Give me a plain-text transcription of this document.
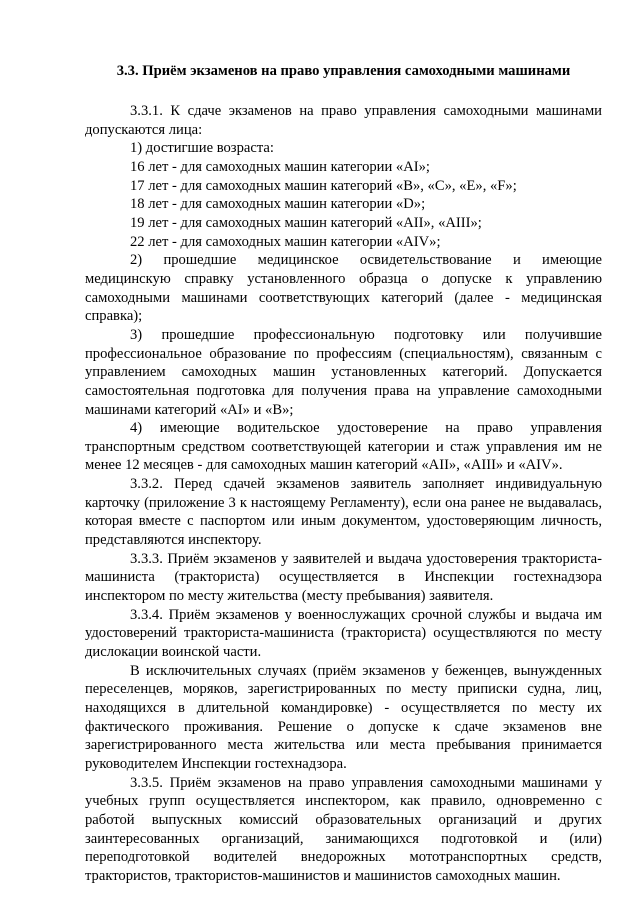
3.3. Приём экзаменов на право управления самоходными машинами

3.3.1. К сдаче экзаменов на право управления самоходными машинами допускаются лица:

1) достигшие возраста:

16 лет - для самоходных машин категории «AI»;

17 лет - для самоходных машин категорий «B», «C», «E», «F»;

18 лет - для самоходных машин категории «D»;

19 лет - для самоходных машин категорий «AII», «AIII»;

22 лет - для самоходных машин категории «AIV»;

2) прошедшие медицинское освидетельствование и имеющие медицинскую справку установленного образца о допуске к управлению самоходными машинами соответствующих категорий (далее - медицинская справка);

3) прошедшие профессиональную подготовку или получившие профессиональное образование по профессиям (специальностям), связанным с управлением самоходных машин установленных категорий. Допускается самостоятельная подготовка для получения права на управление самоходными машинами категорий «AI» и «B»;

4) имеющие водительское удостоверение на право управления транспортным средством соответствующей категории и стаж управления им не менее 12 месяцев - для самоходных машин категорий «AII», «AIII» и «AIV».

3.3.2. Перед сдачей экзаменов заявитель заполняет индивидуальную карточку (приложение 3 к настоящему Регламенту), если она ранее не выдавалась, которая вместе с паспортом или иным документом, удостоверяющим личность, представляются инспектору.

3.3.3. Приём экзаменов у заявителей и выдача удостоверения тракториста-машиниста (тракториста) осуществляется в Инспекции гостехнадзора инспектором по месту жительства (месту пребывания) заявителя.

3.3.4. Приём экзаменов у военнослужащих срочной службы и выдача им удостоверений тракториста-машиниста (тракториста) осуществляются по месту дислокации воинской части.

В исключительных случаях (приём экзаменов у беженцев, вынужденных переселенцев, моряков, зарегистрированных по месту приписки судна, лиц, находящихся в длительной командировке) - осуществляется по месту их фактического проживания. Решение о допуске к сдаче экзаменов вне зарегистрированного места жительства или места пребывания принимается руководителем Инспекции гостехнадзора.

3.3.5. Приём экзаменов на право управления самоходными машинами у учебных групп осуществляется инспектором, как правило, одновременно с работой выпускных комиссий образовательных организаций и других заинтересованных организаций, занимающихся подготовкой и (или) переподготовкой водителей внедорожных мототранспортных средств, трактористов, трактористов-машинистов и машинистов самоходных машин.
